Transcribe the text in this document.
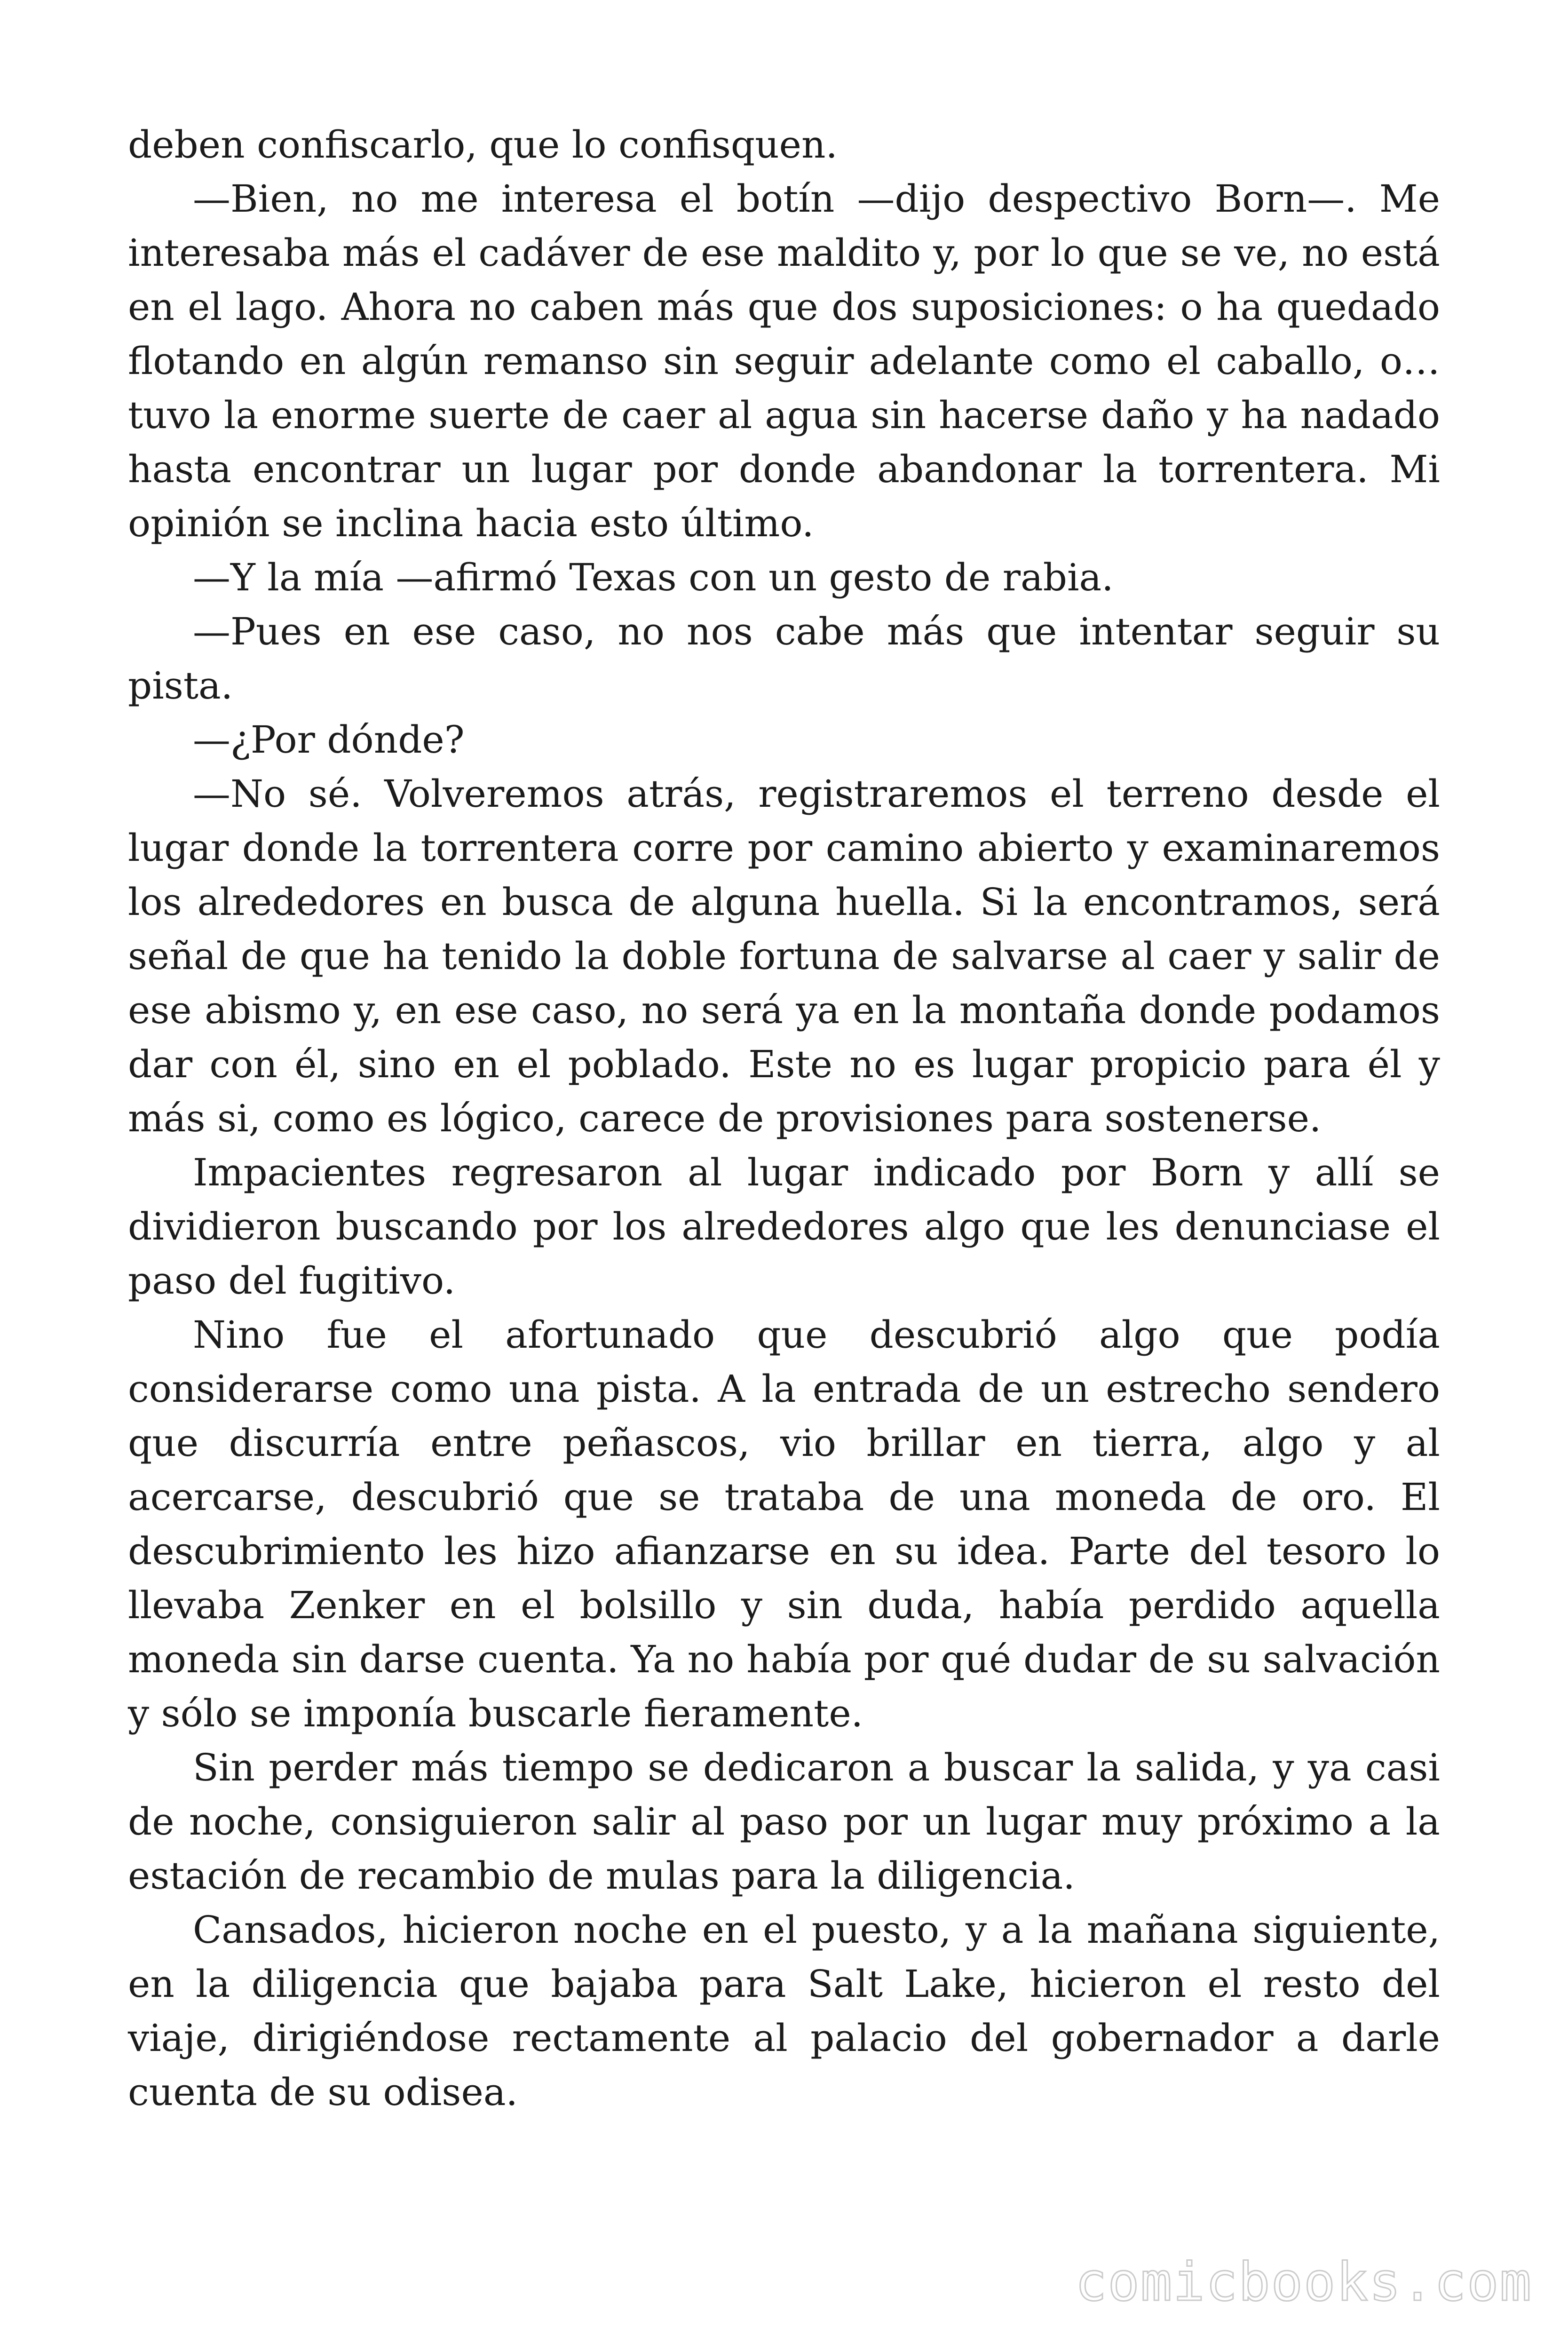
deben confiscarlo, que lo confisquen.

—Bien, no me interesa el botín —dijo despectivo Born—. Me interesaba más el cadáver de ese maldito y, por lo que se ve, no está en el lago. Ahora no caben más que dos suposiciones: o ha quedado flotando en algún remanso sin seguir adelante como el caballo, o… tuvo la enorme suerte de caer al agua sin hacerse daño y ha nadado hasta encontrar un lugar por donde abandonar la torrentera. Mi opinión se inclina hacia esto último.

—Y la mía —afirmó Texas con un gesto de rabia.

—Pues en ese caso, no nos cabe más que intentar seguir su pista.

—¿Por dónde?

—No sé. Volveremos atrás, registraremos el terreno desde el lugar donde la torrentera corre por camino abierto y examinaremos los alrededores en busca de alguna huella. Si la encontramos, será señal de que ha tenido la doble fortuna de salvarse al caer y salir de ese abismo y, en ese caso, no será ya en la montaña donde podamos dar con él, sino en el poblado. Este no es lugar propicio para él y más si, como es lógico, carece de provisiones para sostenerse.

Impacientes regresaron al lugar indicado por Born y allí se dividieron buscando por los alrededores algo que les denunciase el paso del fugitivo.

Nino fue el afortunado que descubrió algo que podía considerarse como una pista. A la entrada de un estrecho sendero que discurría entre peñascos, vio brillar en tierra, algo y al acercarse, descubrió que se trataba de una moneda de oro. El descubrimiento les hizo afianzarse en su idea. Parte del tesoro lo llevaba Zenker en el bolsillo y sin duda, había perdido aquella moneda sin darse cuenta. Ya no había por qué dudar de su salvación y sólo se imponía buscarle fieramente.

Sin perder más tiempo se dedicaron a buscar la salida, y ya casi de noche, consiguieron salir al paso por un lugar muy próximo a la estación de recambio de mulas para la diligencia.

Cansados, hicieron noche en el puesto, y a la mañana siguiente, en la diligencia que bajaba para Salt Lake, hicieron el resto del viaje, dirigiéndose rectamente al palacio del gobernador a darle cuenta de su odisea.

comicbooks.com
